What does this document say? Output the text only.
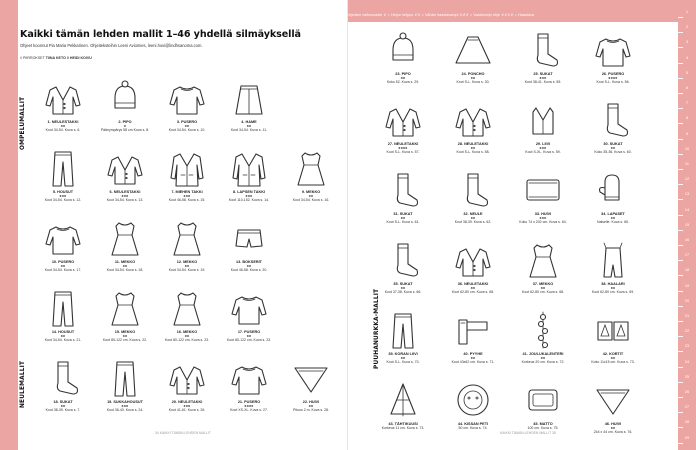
Ohjeiden vaikeusaste ✗ = Helpo helppo ✗✗ = Vähän haastavampi ✗✗✗ = Vaativampi ohje ✗✗✗✗ = Haastava
Kaikki tämän lehden mallit 1–46 yhdellä silmäyksellä
Ohjeet koonnut Pia Maria Pekkarinen. Ohjeiteksteihin Leeni Aviomies, leeni.hovi@lindhsanoma.com.
// PIIRROKSET TIINA KETO // HEIDI KOIVU
OMPELUMALLIT
NEULEMALLIT
PUUHANURKKA-MALLIT
1. NEULESTAKKI
xx
Koot 34-54. Kuva s. 6.
2. PIPO
x
Päänympärys 58 cm Kuva s. 8.
3. PUSERO
xx
Koot 34-54. Kuva s. 10.
4. HAME
xx
Koot 34-54. Kuva s. 11.
5. HOUSUT
xxx
Koot 34-54. Kuva s. 12.
6. NEULESTAKKI
xxx
Koot 34-54. Kuva s. 13.
7. MIEHEN TAKKI
xxx
Koot 46-58. Kuva s. 15.
8. LAPSEN TAKKI
xxx
Koot 110-152. Kuva s. 14.
9. MEKKO
xx
Koot 34-54. Kuva s. 16.
10. PUSERO
xx
Koot 34-54. Kuva s. 17.
11. MEKKO
xx
Koot 34-54. Kuva s. 18.
12. MEKKO
xx
Koot 34-54. Kuva s. 19.
13. BOKSERIT
xx
Koot 46-58. Kuva s. 20.
14. HOUSUT
xx
Koot 34-54. Kuva s. 21.
15. MEKKO
xx
Koot 80-122 cm. Kuva s. 22.
16. MEKKO
xx
Koot 80-122 cm. Kuva s. 23.
17. PUSERO
xx
Koot 80-122 cm. Kuva s. 23.
18. SUKAT
xx
Koot 38-39. Kuva s. 7.
19. SUKKAHOUSUT
xxx
Koot 36-40. Kuva s. 24.
20. NEULETAKKI
xxx
Koot 41-61. Kuva s. 26.
21. PUSERO
xxxx
Koot XS-XL. Kuva s. 27.
22. HUIVI
xx
Pituus 2 m. Kuva s. 28.
23. PIPO
xx
Koko 52. Kuva s. 29.
24. PONCHO
xx
Koot S-L. Kuva s. 30.
25. SUKAT
xxx
Koot 38-41. Kuva s. 55.
26. PUSERO
xxxx
Koot S-L. Kuva s. 56.
27. NEULETAKKI
xxxx
Koot S-L. Kuva s. 57.
28. NEULETAKKI
xx
Koot S-L. Kuva s. 58.
29. LIIVI
xxx
Koot S-XL. Kuva s. 59.
30. SUKAT
xx
Koko 35-36. Kuva s. 60.
31. SUKAT
xx
Koot S-L. Kuva s. 61.
32. NEULE
xx
Koot 38-39. Kuva s. 62.
33. HUIVI
xxx
Koko 74 x 202 cm. Kuva s. 64.
34. LAPASET
xx
Naiselle. Kuva s. 65.
35. SUKAT
xx
Koot 37-38. Kuva s. 66.
36. NEULETAKKI
xx
Koot 62-80 cm. Kuva s. 68.
37. MEKKO
xx
Koot 62-80 cm. Kuva s. 68.
38. HAALARI
xx
Koot 62-80 cm. Kuva s. 69.
39. KORAN LIIVI
xx
Koot S-L. Kuva s. 70.
40. PYYHE
xx
Koot 43x62 cm. Kuva s. 71.
41. JOULUKALENTERI
xx
Korkeus 20 cm. Kuva s. 72.
42. KORTIT
xx
Koko 11x15 cm. Kuva s. 73.
43. TÄHTIKUUSI
Korkeus 11 cm. Kuva s. 73.
44. KISSAN PETI
50 cm. Kuva s. 74.
45. MATTO
100 cm. Kuva s. 75.
46. HUIVI
xx
244 x 44 cm. Kuva s. 76.
34 KAIKKI TÄMÄN LEHDEN MALLIT	KAIKKI TÄMÄN LEHDEN MALLIT 35
1
2
3
4
5
6
7
8
9
10
11
12
13
14
15
16
17
18
19
20
21
22
23
24
25
26
27
28
29
